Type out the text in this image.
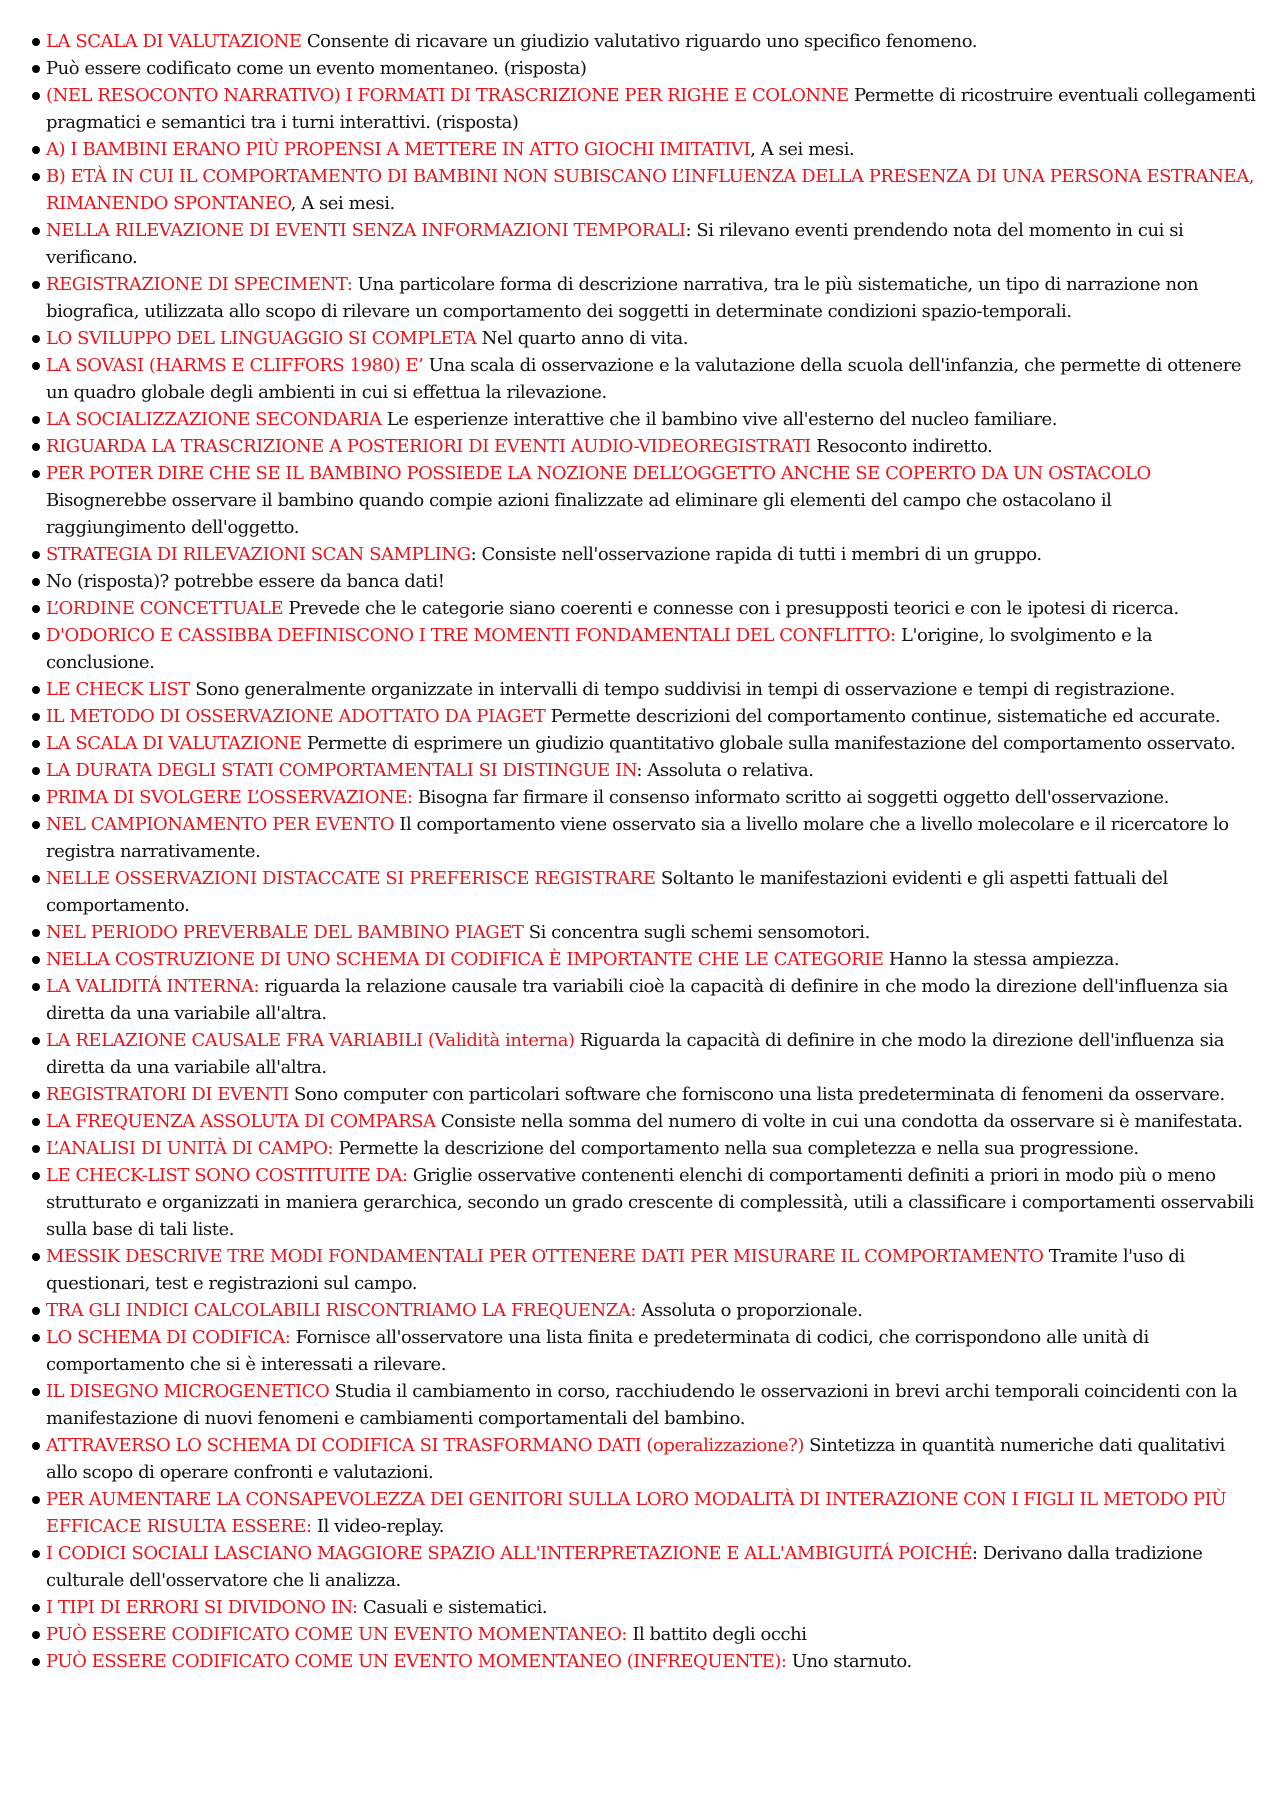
LA SCALA DI VALUTAZIONE Consente di ricavare un giudizio valutativo riguardo uno specifico fenomeno.
Può essere codificato come un evento momentaneo. (risposta)
(NEL RESOCONTO NARRATIVO) I FORMATI DI TRASCRIZIONE PER RIGHE E COLONNE Permette di ricostruire eventuali collegamenti pragmatici e semantici tra i turni interattivi. (risposta)
A) I BAMBINI ERANO PIÙ PROPENSI A METTERE IN ATTO GIOCHI IMITATIVI, A sei mesi.
B) ETÀ IN CUI IL COMPORTAMENTO DI BAMBINI NON SUBISCANO L’INFLUENZA DELLA PRESENZA DI UNA PERSONA ESTRANEA, RIMANENDO SPONTANEO, A sei mesi.
NELLA RILEVAZIONE DI EVENTI SENZA INFORMAZIONI TEMPORALI: Si rilevano eventi prendendo nota del momento in cui si verificano.
REGISTRAZIONE DI SPECIMENT: Una particolare forma di descrizione narrativa, tra le più sistematiche, un tipo di narrazione non biografica, utilizzata allo scopo di rilevare un comportamento dei soggetti in determinate condizioni spazio-temporali.
LO SVILUPPO DEL LINGUAGGIO SI COMPLETA Nel quarto anno di vita.
LA SOVASI (HARMS E CLIFFORS 1980) E’ Una scala di osservazione e la valutazione della scuola dell'infanzia, che permette di ottenere un quadro globale degli ambienti in cui si effettua la rilevazione.
LA SOCIALIZZAZIONE SECONDARIA Le esperienze interattive che il bambino vive all'esterno del nucleo familiare.
RIGUARDA LA TRASCRIZIONE A POSTERIORI DI EVENTI AUDIO-VIDEOREGISTRATI Resoconto indiretto.
PER POTER DIRE CHE SE IL BAMBINO POSSIEDE LA NOZIONE DELL’OGGETTO ANCHE SE COPERTO DA UN OSTACOLO Bisognerebbe osservare il bambino quando compie azioni finalizzate ad eliminare gli elementi del campo che ostacolano il raggiungimento dell'oggetto.
STRATEGIA DI RILEVAZIONI SCAN SAMPLING: Consiste nell'osservazione rapida di tutti i membri di un gruppo.
No (risposta)? potrebbe essere da banca dati!
L’ORDINE CONCETTUALE Prevede che le categorie siano coerenti e connesse con i presupposti teorici e con le ipotesi di ricerca.
D'ODORICO E CASSIBBA DEFINISCONO I TRE MOMENTI FONDAMENTALI DEL CONFLITTO: L'origine, lo svolgimento e la conclusione.
LE CHECK LIST Sono generalmente organizzate in intervalli di tempo suddivisi in tempi di osservazione e tempi di registrazione.
IL METODO DI OSSERVAZIONE ADOTTATO DA PIAGET Permette descrizioni del comportamento continue, sistematiche ed accurate.
LA SCALA DI VALUTAZIONE Permette di esprimere un giudizio quantitativo globale sulla manifestazione del comportamento osservato.
LA DURATA DEGLI STATI COMPORTAMENTALI SI DISTINGUE IN: Assoluta o relativa.
PRIMA DI SVOLGERE L’OSSERVAZIONE: Bisogna far firmare il consenso informato scritto ai soggetti oggetto dell'osservazione.
NEL CAMPIONAMENTO PER EVENTO Il comportamento viene osservato sia a livello molare che a livello molecolare e il ricercatore lo registra narrativamente.
NELLE OSSERVAZIONI DISTACCATE SI PREFERISCE REGISTRARE Soltanto le manifestazioni evidenti e gli aspetti fattuali del comportamento.
NEL PERIODO PREVERBALE DEL BAMBINO PIAGET Si concentra sugli schemi sensomotori.
NELLA COSTRUZIONE DI UNO SCHEMA DI CODIFICA È IMPORTANTE CHE LE CATEGORIE Hanno la stessa ampiezza.
LA VALIDITÁ INTERNA: riguarda la relazione causale tra variabili cioè la capacità di definire in che modo la direzione dell'influenza sia diretta da una variabile all'altra.
LA RELAZIONE CAUSALE FRA VARIABILI (Validità interna) Riguarda la capacità di definire in che modo la direzione dell'influenza sia diretta da una variabile all'altra.
REGISTRATORI DI EVENTI Sono computer con particolari software che forniscono una lista predeterminata di fenomeni da osservare.
LA FREQUENZA ASSOLUTA DI COMPARSA Consiste nella somma del numero di volte in cui una condotta da osservare si è manifestata.
L’ANALISI DI UNITÀ DI CAMPO: Permette la descrizione del comportamento nella sua completezza e nella sua progressione.
LE CHECK-LIST SONO COSTITUITE DA: Griglie osservative contenenti elenchi di comportamenti definiti a priori in modo più o meno strutturato e organizzati in maniera gerarchica, secondo un grado crescente di complessità, utili a classificare i comportamenti osservabili sulla base di tali liste.
MESSIK DESCRIVE TRE MODI FONDAMENTALI PER OTTENERE DATI PER MISURARE IL COMPORTAMENTO Tramite l'uso di questionari, test e registrazioni sul campo.
TRA GLI INDICI CALCOLABILI RISCONTRIAMO LA FREQUENZA: Assoluta o proporzionale.
LO SCHEMA DI CODIFICA: Fornisce all'osservatore una lista finita e predeterminata di codici, che corrispondono alle unità di comportamento che si è interessati a rilevare.
IL DISEGNO MICROGENETICO Studia il cambiamento in corso, racchiudendo le osservazioni in brevi archi temporali coincidenti con la manifestazione di nuovi fenomeni e cambiamenti comportamentali del bambino.
ATTRAVERSO LO SCHEMA DI CODIFICA SI TRASFORMANO DATI (operalizzazione?) Sintetizza in quantità numeriche dati qualitativi allo scopo di operare confronti e valutazioni.
PER AUMENTARE LA CONSAPEVOLEZZA DEI GENITORI SULLA LORO MODALITÀ DI INTERAZIONE CON I FIGLI IL METODO PIÙ EFFICACE RISULTA ESSERE: Il video-replay.
I CODICI SOCIALI LASCIANO MAGGIORE SPAZIO ALL'INTERPRETAZIONE E ALL'AMBIGUITÁ POICHÉ: Derivano dalla tradizione culturale dell'osservatore che li analizza.
I TIPI DI ERRORI SI DIVIDONO IN: Casuali e sistematici.
PUÒ ESSERE CODIFICATO COME UN EVENTO MOMENTANEO: Il battito degli occhi
PUÒ ESSERE CODIFICATO COME UN EVENTO MOMENTANEO (INFREQUENTE): Uno starnuto.
